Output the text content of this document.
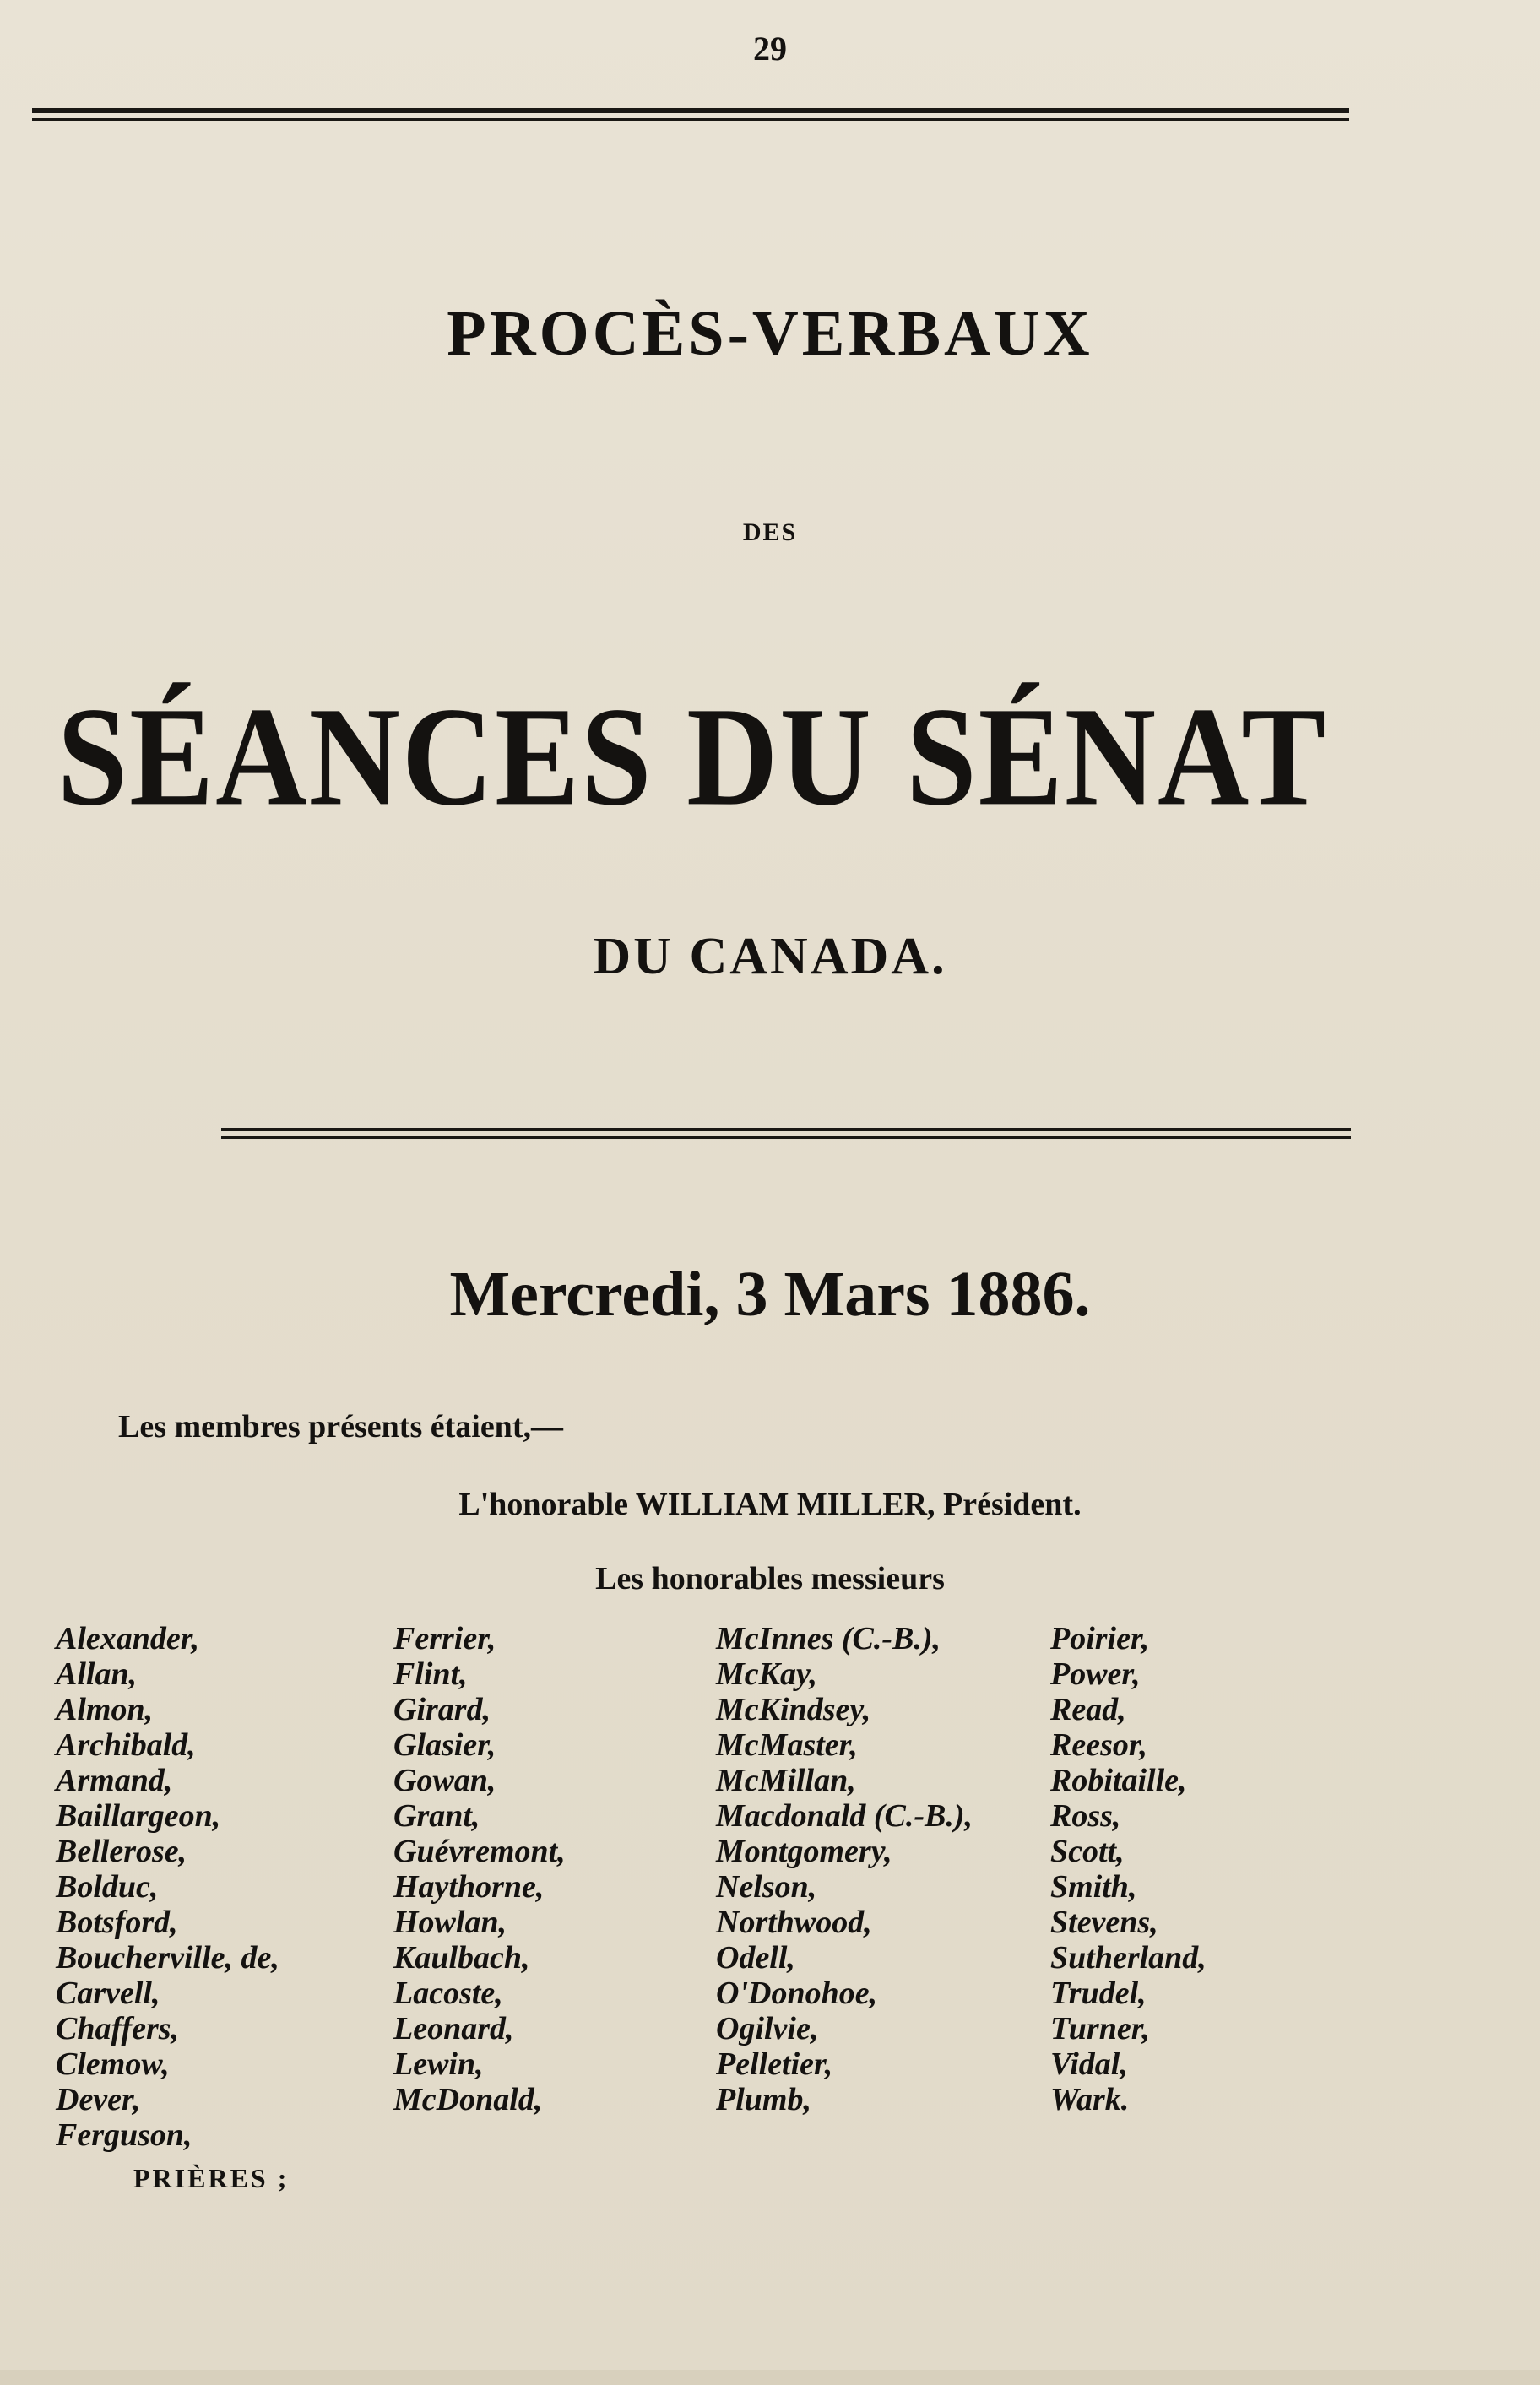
29
PROCÈS-VERBAUX
DES
SÉANCES DU SÉNAT
DU CANADA.
Mercredi, 3 Mars 1886.
Les membres présents étaient,—
L'honorable WILLIAM MILLER, Président.
Les honorables messieurs
Alexander,
Allan,
Almon,
Archibald,
Armand,
Baillargeon,
Bellerose,
Bolduc,
Botsford,
Boucherville, de,
Carvell,
Chaffers,
Clemow,
Dever,
Ferguson,
Ferrier,
Flint,
Girard,
Glasier,
Gowan,
Grant,
Guévremont,
Haythorne,
Howlan,
Kaulbach,
Lacoste,
Leonard,
Lewin,
McDonald,
McInnes (C.-B.),
McKay,
McKindsey,
McMaster,
McMillan,
Macdonald (C.-B.),
Montgomery,
Nelson,
Northwood,
Odell,
O'Donohoe,
Ogilvie,
Pelletier,
Plumb,
Poirier,
Power,
Read,
Reesor,
Robitaille,
Ross,
Scott,
Smith,
Stevens,
Sutherland,
Trudel,
Turner,
Vidal,
Wark.
PRIÈRES ;
